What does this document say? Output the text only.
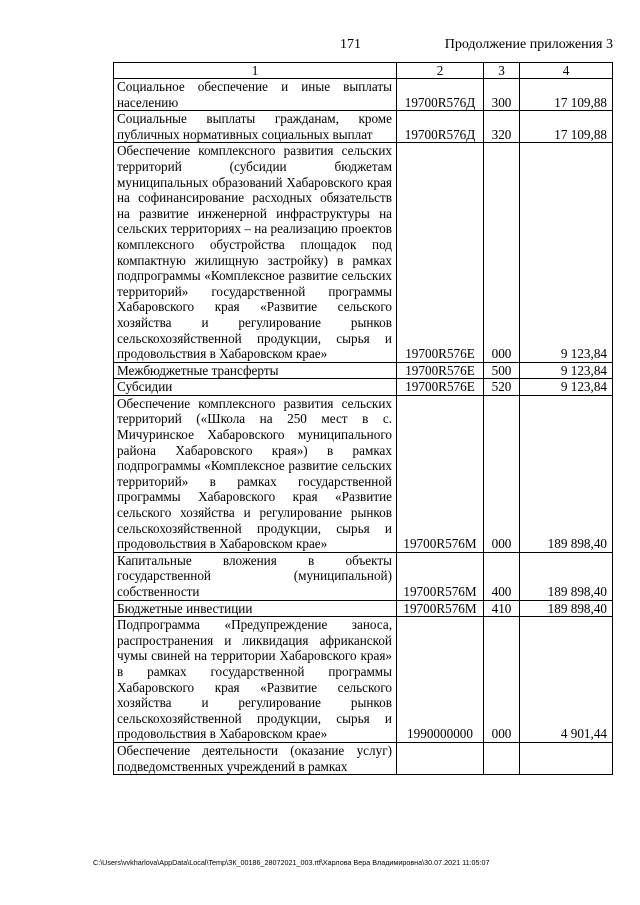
171	Продолжение приложения 3
1	2	3	4
Социальное обеспечение и иные выплаты населению	19700R576Д	300	17 109,88
Социальные выплаты гражданам, кроме публичных нормативных социальных выплат	19700R576Д	320	17 109,88
Обеспечение комплексного развития сельских территорий (субсидии бюджетам муниципальных образований Хабаровского края на софинансирование расходных обязательств на развитие инженерной инфраструктуры на сельских территориях – на реализацию проектов комплексного обустройства площадок под компактную жилищную застройку) в рамках подпрограммы «Комплексное развитие сельских территорий» государственной программы Хабаровского края «Развитие сельского хозяйства и регулирование рынков сельскохозяйственной продукции, сырья и продовольствия в Хабаровском крае»	19700R576Е	000	9 123,84
Межбюджетные трансферты	19700R576Е	500	9 123,84
Субсидии	19700R576Е	520	9 123,84
Обеспечение комплексного развития сельских территорий («Школа на 250 мест в с. Мичуринское Хабаровского муниципального района Хабаровского края») в рамках подпрограммы «Комплексное развитие сельских территорий» в рамках государственной программы Хабаровского края «Развитие сельского хозяйства и регулирование рынков сельскохозяйственной продукции, сырья и продовольствия в Хабаровском крае»	19700R576М	000	189 898,40
Капитальные вложения в объекты государственной (муниципальной) собственности	19700R576М	400	189 898,40
Бюджетные инвестиции	19700R576М	410	189 898,40
Подпрограмма «Предупреждение заноса, распространения и ликвидация африканской чумы свиней на территории Хабаровского края» в рамках государственной программы Хабаровского края «Развитие сельского хозяйства и регулирование рынков сельскохозяйственной продукции, сырья и продовольствия в Хабаровском крае»	1990000000	000	4 901,44
Обеспечение деятельности (оказание услуг) подведомственных учреждений в рамках			
C:\Users\vvkharlova\AppData\Local\Temp\ЗК_00186_28072021_003.rtf\Харлова Вера Владимировна\30.07.2021 11:05:07
